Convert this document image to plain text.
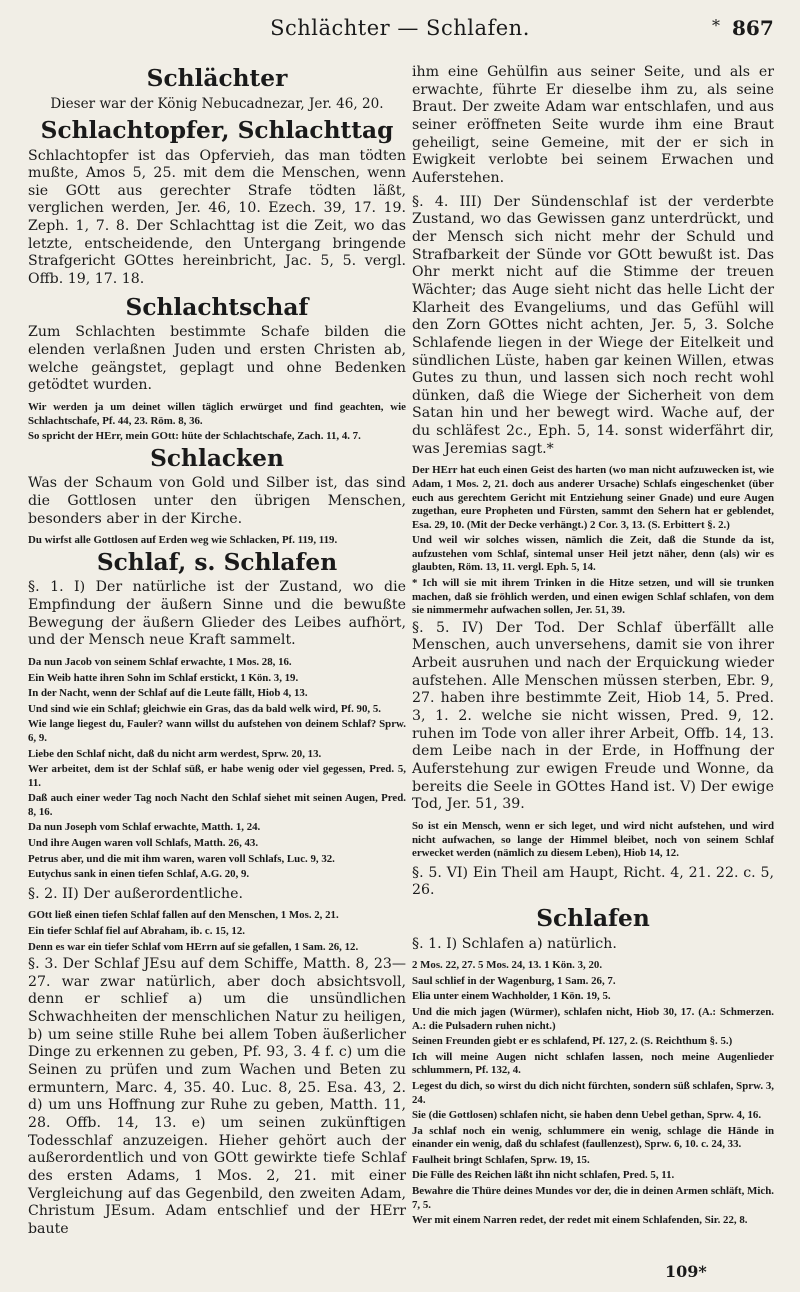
Schlächter — Schlafen.	* 867
Schlächter
Dieser war der König Nebucadnezar, Jer. 46, 20.
Schlachtopfer, Schlachttag

Schlachtopfer ist das Opfervieh, das man tödten mußte, Amos 5, 25. mit dem die Menschen, wenn sie GOtt aus gerechter Strafe tödten läßt, verglichen werden, Jer. 46, 10. Ezech. 39, 17. 19. Zeph. 1, 7. 8. Der Schlachttag ist die Zeit, wo das letzte, entscheidende, den Untergang bringende Strafgericht GOttes hereinbricht, Jac. 5, 5. vergl. Offb. 19, 17. 18.

Schlachtschaf

Zum Schlachten bestimmte Schafe bilden die elenden verlaßnen Juden und ersten Christen ab, welche geängstet, geplagt und ohne Bedenken getödtet wurden.

Wir werden ja um deinet willen täglich erwürget und find geachten, wie Schlachtschafe, Pf. 44, 23. Röm. 8, 36.

So spricht der HErr, mein GOtt: hüte der Schlachtschafe, Zach. 11, 4. 7.

Schlacken

Was der Schaum von Gold und Silber ist, das sind die Gottlosen unter den übrigen Menschen, besonders aber in der Kirche.

Du wirfst alle Gottlosen auf Erden weg wie Schlacken, Pf. 119, 119.

Schlaf, s. Schlafen

§. 1. I) Der natürliche ist der Zustand, wo die Empfindung der äußern Sinne und die bewußte Bewegung der äußern Glieder des Leibes aufhört, und der Mensch neue Kraft sammelt.

Da nun Jacob von seinem Schlaf erwachte, 1 Mos. 28, 16.

Ein Weib hatte ihren Sohn im Schlaf erstickt, 1 Kön. 3, 19.

In der Nacht, wenn der Schlaf auf die Leute fällt, Hiob 4, 13.

Und sind wie ein Schlaf; gleichwie ein Gras, das da bald welk wird, Pf. 90, 5.

Wie lange liegest du, Fauler? wann willst du aufstehen von deinem Schlaf? Sprw. 6, 9.

Liebe den Schlaf nicht, daß du nicht arm werdest, Sprw. 20, 13.

Wer arbeitet, dem ist der Schlaf süß, er habe wenig oder viel gegessen, Pred. 5, 11.

Daß auch einer weder Tag noch Nacht den Schlaf siehet mit seinen Augen, Pred. 8, 16.

Da nun Joseph vom Schlaf erwachte, Matth. 1, 24.

Und ihre Augen waren voll Schlafs, Matth. 26, 43.

Petrus aber, und die mit ihm waren, waren voll Schlafs, Luc. 9, 32.

Eutychus sank in einen tiefen Schlaf, A.G. 20, 9.

§. 2. II) Der außerordentliche.

GOtt ließ einen tiefen Schlaf fallen auf den Menschen, 1 Mos. 2, 21.

Ein tiefer Schlaf fiel auf Abraham, ib. c. 15, 12.

Denn es war ein tiefer Schlaf vom HErrn auf sie gefallen, 1 Sam. 26, 12.

§. 3. Der Schlaf JEsu auf dem Schiffe, Matth. 8, 23—27. war zwar natürlich, aber doch absichtsvoll, denn er schlief a) um die unsündlichen Schwachheiten der menschlichen Natur zu heiligen, b) um seine stille Ruhe bei allem Toben äußerlicher Dinge zu erkennen zu geben, Pf. 93, 3. 4 f. c) um die Seinen zu prüfen und zum Wachen und Beten zu ermuntern, Marc. 4, 35. 40. Luc. 8, 25. Esa. 43, 2. d) um uns Hoffnung zur Ruhe zu geben, Matth. 11, 28. Offb. 14, 13. e) um seinen zukünftigen Todesschlaf anzuzeigen. Hieher gehört auch der außerordentlich und von GOtt gewirkte tiefe Schlaf des ersten Adams, 1 Mos. 2, 21. mit einer Vergleichung auf das Gegenbild, den zweiten Adam, Christum JEsum. Adam entschlief und der HErr baute

ihm eine Gehülfin aus seiner Seite, und als er erwachte, führte Er dieselbe ihm zu, als seine Braut. Der zweite Adam war entschlafen, und aus seiner eröffneten Seite wurde ihm eine Braut geheiligt, seine Gemeine, mit der er sich in Ewigkeit verlobte bei seinem Erwachen und Auferstehen.

§. 4. III) Der Sündenschlaf ist der verderbte Zustand, wo das Gewissen ganz unterdrückt, und der Mensch sich nicht mehr der Schuld und Strafbarkeit der Sünde vor GOtt bewußt ist. Das Ohr merkt nicht auf die Stimme der treuen Wächter; das Auge sieht nicht das helle Licht der Klarheit des Evangeliums, und das Gefühl will den Zorn GOttes nicht achten, Jer. 5, 3. Solche Schlafende liegen in der Wiege der Eitelkeit und sündlichen Lüste, haben gar keinen Willen, etwas Gutes zu thun, und lassen sich noch recht wohl dünken, daß die Wiege der Sicherheit von dem Satan hin und her bewegt wird. Wache auf, der du schläfest 2c., Eph. 5, 14. sonst widerfährt dir, was Jeremias sagt.*

Der HErr hat euch einen Geist des harten (wo man nicht aufzuwecken ist, wie Adam, 1 Mos. 2, 21. doch aus anderer Ursache) Schlafs eingeschenket (über euch aus gerechtem Gericht mit Entziehung seiner Gnade) und eure Augen zugethan, eure Propheten und Fürsten, sammt den Sehern hat er geblendet, Esa. 29, 10. (Mit der Decke verhängt.) 2 Cor. 3, 13. (S. Erbittert §. 2.)

Und weil wir solches wissen, nämlich die Zeit, daß die Stunde da ist, aufzustehen vom Schlaf, sintemal unser Heil jetzt näher, denn (als) wir es glaubten, Röm. 13, 11. vergl. Eph. 5, 14.

* Ich will sie mit ihrem Trinken in die Hitze setzen, und will sie trunken machen, daß sie fröhlich werden, und einen ewigen Schlaf schlafen, von dem sie nimmermehr aufwachen sollen, Jer. 51, 39.

§. 5. IV) Der Tod. Der Schlaf überfällt alle Menschen, auch unversehens, damit sie von ihrer Arbeit ausruhen und nach der Erquickung wieder aufstehen. Alle Menschen müssen sterben, Ebr. 9, 27. haben ihre bestimmte Zeit, Hiob 14, 5. Pred. 3, 1. 2. welche sie nicht wissen, Pred. 9, 12. ruhen im Tode von aller ihrer Arbeit, Offb. 14, 13. dem Leibe nach in der Erde, in Hoffnung der Auferstehung zur ewigen Freude und Wonne, da bereits die Seele in GOttes Hand ist. V) Der ewige Tod, Jer. 51, 39.

So ist ein Mensch, wenn er sich leget, und wird nicht aufstehen, und wird nicht aufwachen, so lange der Himmel bleibet, noch von seinem Schlaf erwecket werden (nämlich zu diesem Leben), Hiob 14, 12.

§. 5. VI) Ein Theil am Haupt, Richt. 4, 21. 22. c. 5, 26.

Schlafen

§. 1. I) Schlafen a) natürlich.

2 Mos. 22, 27. 5 Mos. 24, 13. 1 Kön. 3, 20.

Saul schlief in der Wagenburg, 1 Sam. 26, 7.

Elia unter einem Wachholder, 1 Kön. 19, 5.

Und die mich jagen (Würmer), schlafen nicht, Hiob 30, 17. (A.: Schmerzen. A.: die Pulsadern ruhen nicht.)

Seinen Freunden giebt er es schlafend, Pf. 127, 2. (S. Reichthum §. 5.)

Ich will meine Augen nicht schlafen lassen, noch meine Augenlieder schlummern, Pf. 132, 4.

Legest du dich, so wirst du dich nicht fürchten, sondern süß schlafen, Sprw. 3, 24.

Sie (die Gottlosen) schlafen nicht, sie haben denn Uebel gethan, Sprw. 4, 16.

Ja schlaf noch ein wenig, schlummere ein wenig, schlage die Hände in einander ein wenig, daß du schlafest (faullenzest), Sprw. 6, 10. c. 24, 33.

Faulheit bringt Schlafen, Sprw. 19, 15.

Die Fülle des Reichen läßt ihn nicht schlafen, Pred. 5, 11.

Bewahre die Thüre deines Mundes vor der, die in deinen Armen schläft, Mich. 7, 5.

Wer mit einem Narren redet, der redet mit einem Schlafenden, Sir. 22, 8.

109*
